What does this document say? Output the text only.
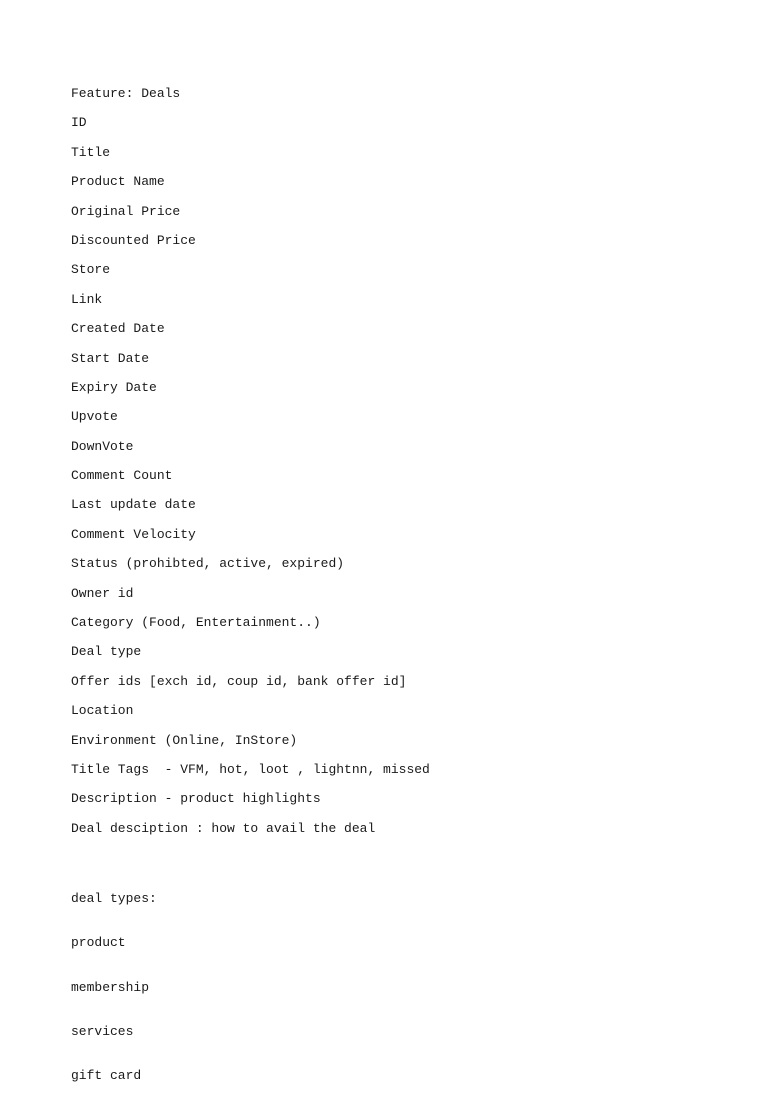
Feature: Deals
ID
Title
Product Name
Original Price
Discounted Price
Store
Link
Created Date
Start Date
Expiry Date
Upvote
DownVote
Comment Count
Last update date
Comment Velocity
Status (prohibted, active, expired)
Owner id
Category (Food, Entertainment..)
Deal type
Offer ids [exch id, coup id, bank offer id]
Location
Environment (Online, InStore)
Title Tags  - VFM, hot, loot , lightnn, missed
Description - product highlights
Deal desciption : how to avail the deal

deal types:

product

membership

services

gift card
